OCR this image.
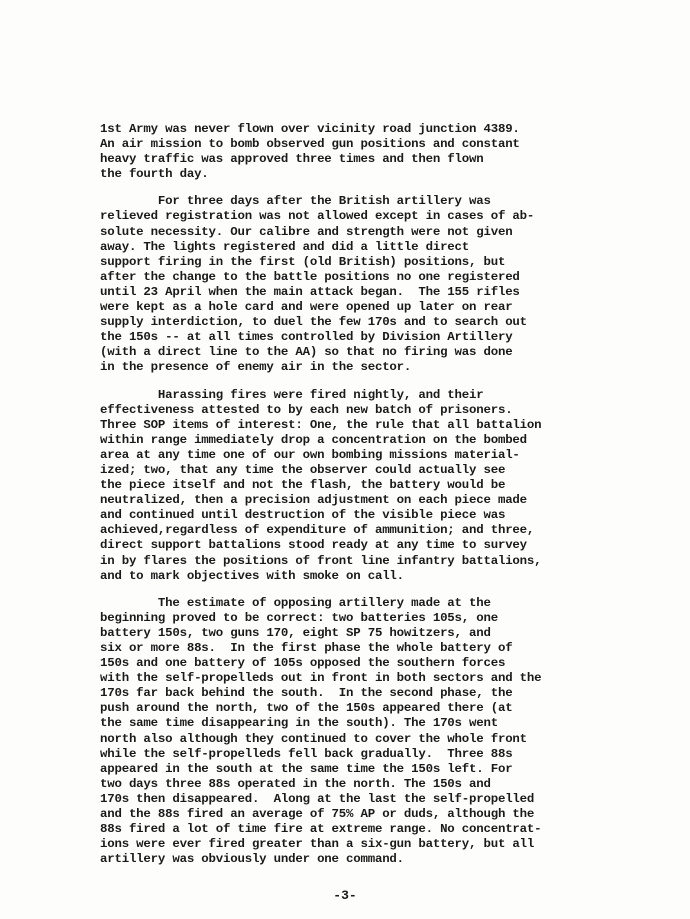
1st Army was never flown over vicinity road junction 4389.
An air mission to bomb observed gun positions and constant
heavy traffic was approved three times and then flown
the fourth day.
For three days after the British artillery was
relieved registration was not allowed except in cases of ab-
solute necessity. Our calibre and strength were not given
away. The lights registered and did a little direct
support firing in the first (old British) positions, but
after the change to the battle positions no one registered
until 23 April when the main attack began.  The 155 rifles
were kept as a hole card and were opened up later on rear
supply interdiction, to duel the few 170s and to search out
the 150s -- at all times controlled by Division Artillery
(with a direct line to the AA) so that no firing was done
in the presence of enemy air in the sector.
Harassing fires were fired nightly, and their
effectiveness attested to by each new batch of prisoners.
Three SOP items of interest: One, the rule that all battalion
within range immediately drop a concentration on the bombed
area at any time one of our own bombing missions material-
ized; two, that any time the observer could actually see
the piece itself and not the flash, the battery would be
neutralized, then a precision adjustment on each piece made
and continued until destruction of the visible piece was
achieved,regardless of expenditure of ammunition; and three,
direct support battalions stood ready at any time to survey
in by flares the positions of front line infantry battalions,
and to mark objectives with smoke on call.
The estimate of opposing artillery made at the
beginning proved to be correct: two batteries 105s, one
battery 150s, two guns 170, eight SP 75 howitzers, and
six or more 88s.  In the first phase the whole battery of
150s and one battery of 105s opposed the southern forces
with the self-propelleds out in front in both sectors and the
170s far back behind the south.  In the second phase, the
push around the north, two of the 150s appeared there (at
the same time disappearing in the south). The 170s went
north also although they continued to cover the whole front
while the self-propelleds fell back gradually.  Three 88s
appeared in the south at the same time the 150s left. For
two days three 88s operated in the north. The 150s and
170s then disappeared.  Along at the last the self-propelled
and the 88s fired an average of 75% AP or duds, although the
88s fired a lot of time fire at extreme range. No concentrat-
ions were ever fired greater than a six-gun battery, but all
artillery was obviously under one command.
-3-
